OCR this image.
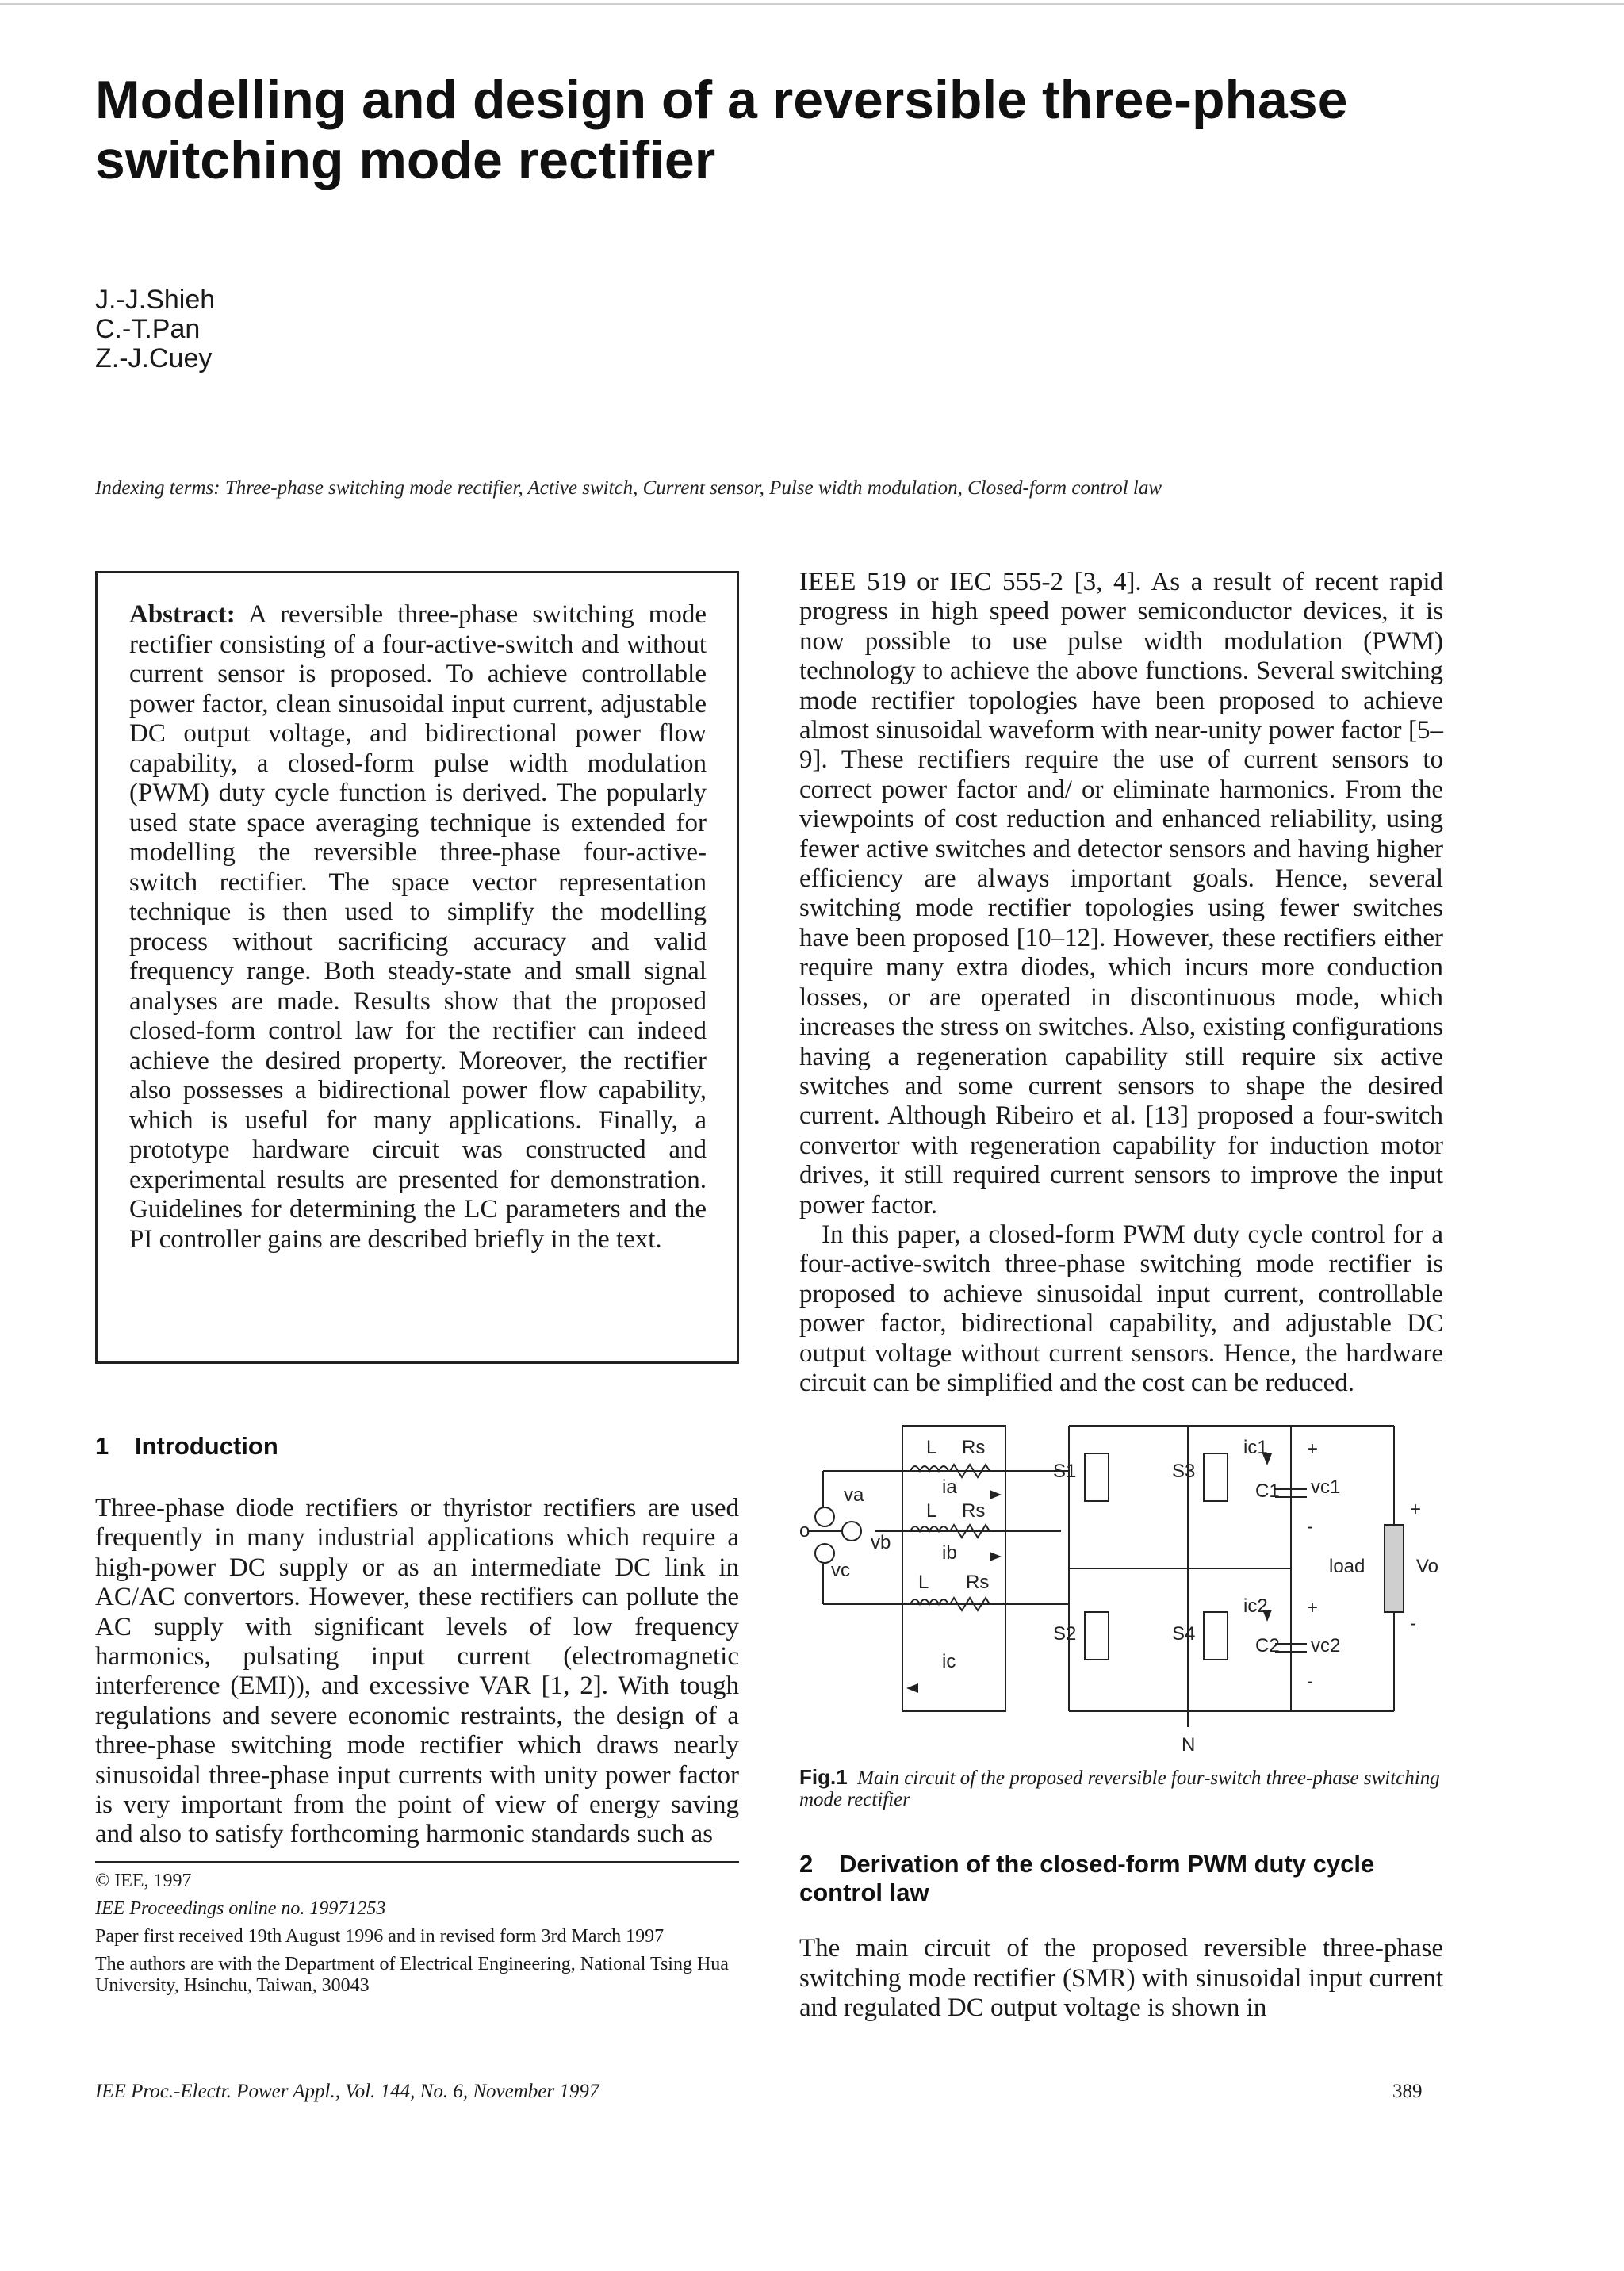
Modelling and design of a reversible three-phase
switching mode rectifier
J.-J.Shieh
C.-T.Pan
Z.-J.Cuey
Indexing terms: Three-phase switching mode rectifier, Active switch, Current sensor, Pulse width modulation, Closed-form control law

Abstract: A reversible three-phase switching mode rectifier consisting of a four-active-switch and without current sensor is proposed. To achieve controllable power factor, clean sinusoidal input current, adjustable DC output voltage, and bidirectional power flow capability, a closed-form pulse width modulation (PWM) duty cycle function is derived. The popularly used state space averaging technique is extended for modelling the reversible three-phase four-active-switch rectifier. The space vector representation technique is then used to simplify the modelling process without sacrificing accuracy and valid frequency range. Both steady-state and small signal analyses are made. Results show that the proposed closed-form control law for the rectifier can indeed achieve the desired property. Moreover, the rectifier also possesses a bidirectional power flow capability, which is useful for many applications. Finally, a prototype hardware circuit was constructed and experimental results are presented for demonstration. Guidelines for determining the LC parameters and the PI controller gains are described briefly in the text.

1 Introduction

Three-phase diode rectifiers or thyristor rectifiers are used frequently in many industrial applications which require a high-power DC supply or as an intermediate DC link in AC/AC convertors. However, these rectifiers can pollute the AC supply with significant levels of low frequency harmonics, pulsating input current (electromagnetic interference (EMI)), and excessive VAR [1, 2]. With tough regulations and severe economic restraints, the design of a three-phase switching mode rectifier which draws nearly sinusoidal three-phase input currents with unity power factor is very important from the point of view of energy saving and also to satisfy forthcoming harmonic standards such as

© IEE, 1997

IEE Proceedings online no. 19971253

Paper first received 19th August 1996 and in revised form 3rd March 1997

The authors are with the Department of Electrical Engineering, National Tsing Hua University, Hsinchu, Taiwan, 30043

IEEE 519 or IEC 555-2 [3, 4]. As a result of recent rapid progress in high speed power semiconductor devices, it is now possible to use pulse width modulation (PWM) technology to achieve the above functions. Several switching mode rectifier topologies have been proposed to achieve almost sinusoidal waveform with near-unity power factor [5–9]. These rectifiers require the use of current sensors to correct power factor and/ or eliminate harmonics. From the viewpoints of cost reduction and enhanced reliability, using fewer active switches and detector sensors and having higher efficiency are always important goals. Hence, several switching mode rectifier topologies using fewer switches have been proposed [10–12]. However, these rectifiers either require many extra diodes, which incurs more conduction losses, or are operated in discontinuous mode, which increases the stress on switches. Also, existing configurations having a regeneration capability still require six active switches and some current sensors to shape the desired current. Although Ribeiro et al. [13] proposed a four-switch convertor with regeneration capability for induction motor drives, it still required current sensors to improve the input power factor.

In this paper, a closed-form PWM duty cycle control for a four-active-switch three-phase switching mode rectifier is proposed to achieve sinusoidal input current, controllable power factor, bidirectional capability, and adjustable DC output voltage without current sensors. Hence, the hardware circuit can be simplified and the cost can be reduced.

L Rs
ia
L Rs
ib
L Rs
ic
va
vb
vc
o
S1	S3
S2	S4
ic1
C1 vc1
ic2
C2 vc2
load	Vo
N
+
-
+
-
+
-

Fig.1 Main circuit of the proposed reversible four-switch three-phase switching mode rectifier

2 Derivation of the closed-form PWM duty cycle
control law

The main circuit of the proposed reversible three-phase switching mode rectifier (SMR) with sinusoidal input current and regulated DC output voltage is shown in

IEE Proc.-Electr. Power Appl., Vol. 144, No. 6, November 1997	389
